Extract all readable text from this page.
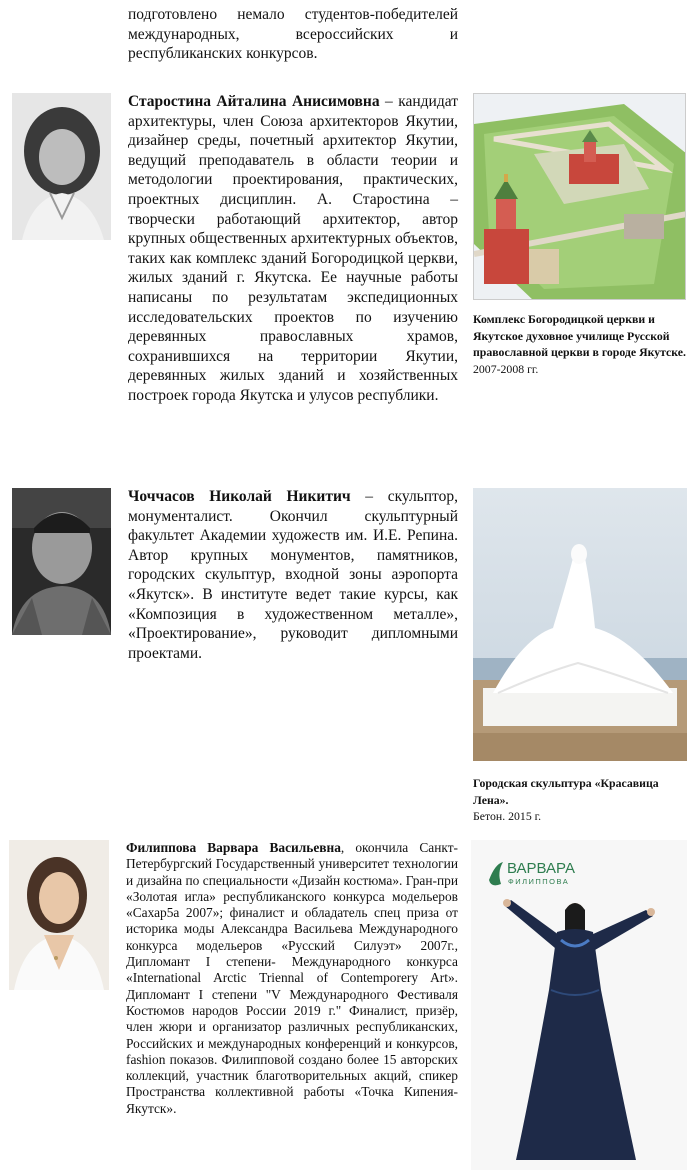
подготовлено немало студентов-победителей международных, всероссийских и республиканских конкурсов.
Старостина Айталина Анисимовна – кандидат архитектуры, член Союза архитекторов Якутии, дизайнер среды, почетный архитектор Якутии, ведущий преподаватель в области теории и методологии проектирования, практических, проектных дисциплин. А. Старостина – творчески работающий архитектор, автор крупных общественных архитектурных объектов, таких как комплекс зданий Богородицкой церкви, жилых зданий г. Якутска. Ее научные работы написаны по результатам экспедиционных исследовательских проектов по изучению деревянных православных храмов, сохранившихся на территории Якутии, деревянных жилых зданий и хозяйственных построек города Якутска и улусов республики.
Комплекс Богородицкой церкви и Якутское духовное училище Русской православной церкви в городе Якутске. 2007-2008 гг.
Чоччасов Николай Никитич – скульптор, монументалист. Окончил скульптурный факультет Академии художеств им. И.Е. Репина. Автор крупных монументов, памятников, городских скульптур, входной зоны аэропорта «Якутск». В институте ведет такие курсы, как «Композиция в художественном металле», «Проектирование», руководит дипломными проектами.
Городская скульптура «Красавица Лена».
Бетон. 2015 г.
Филиппова Варвара Васильевна, окончила Санкт-Петербургский Государственный университет технологии и дизайна по специальности «Дизайн костюма». Гран-при «Золотая игла» республиканского конкурса модельеров «Сахар5а 2007»; финалист и обладатель спец приза от историка моды Александра Васильева Международного конкурса модельеров «Русский Силуэт» 2007г., Дипломант I степени- Международного конкурса «International Arctic Triennal of Contemporery Art». Дипломант I степени "V Международного Фестиваля Костюмов народов России 2019 г." Финалист, призёр, член жюри и организатор различных республиканских, Российских и международных конференций и конкурсов, fashion показов. Филипповой создано более 15 авторских коллекций, участник благотворительных акций, спикер Пространства коллективной работы «Точка Кипения-Якутск».
ВАРВАРА
ФИЛИППОВА
